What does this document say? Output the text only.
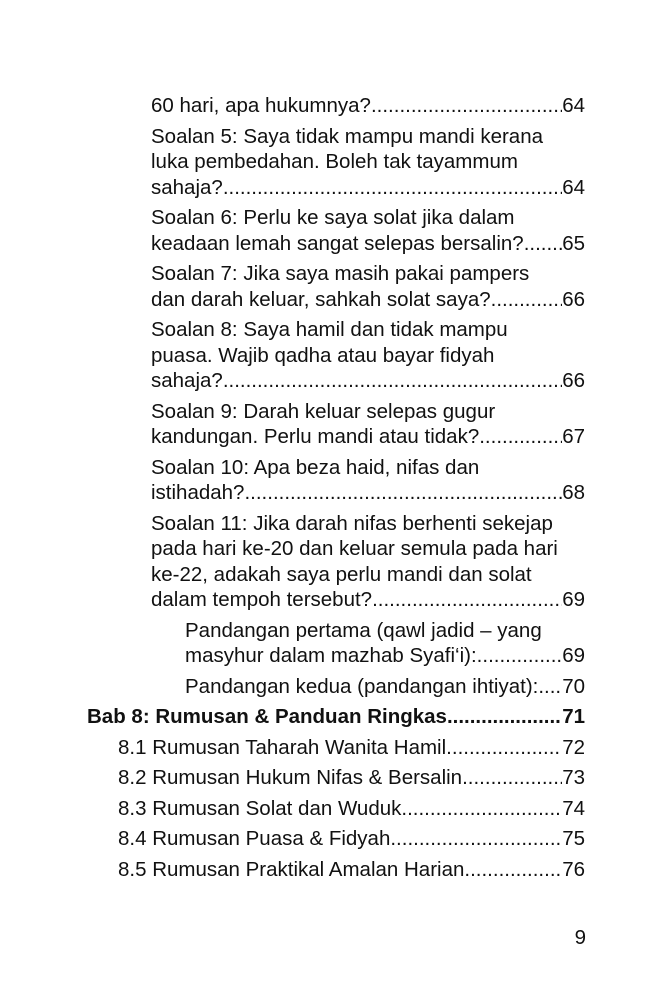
60 hari, apa hukumnya? .....	64
Soalan 5: Saya tidak mampu mandi kerana
luka pembedahan. Boleh tak tayammum
sahaja? .....	64
Soalan 6: Perlu ke saya solat jika dalam
keadaan lemah sangat selepas bersalin? ..... 65
Soalan 7: Jika saya masih pakai pampers
dan darah keluar, sahkah solat saya? .....	66
Soalan 8: Saya hamil dan tidak mampu
puasa. Wajib qadha atau bayar fidyah
sahaja? .....	66
Soalan 9: Darah keluar selepas gugur
kandungan. Perlu mandi atau tidak? .....	67
Soalan 10: Apa beza haid, nifas dan
istihadah? .....	68
Soalan 11: Jika darah nifas berhenti sekejap
pada hari ke-20 dan keluar semula pada hari
ke-22, adakah saya perlu mandi dan solat
dalam tempoh tersebut? .....	69
Pandangan pertama (qawl jadid – yang
masyhur dalam mazhab Syafi‘i): .....	69
Pandangan kedua (pandangan ihtiyat): ..... 70
Bab 8: Rumusan & Panduan Ringkas .....	71
8.1 Rumusan Taharah Wanita Hamil .....	72
8.2 Rumusan Hukum Nifas & Bersalin .....	73
8.3 Rumusan Solat dan Wuduk .....	74
8.4 Rumusan Puasa & Fidyah .....	75
8.5 Rumusan Praktikal Amalan Harian .....	76
9
